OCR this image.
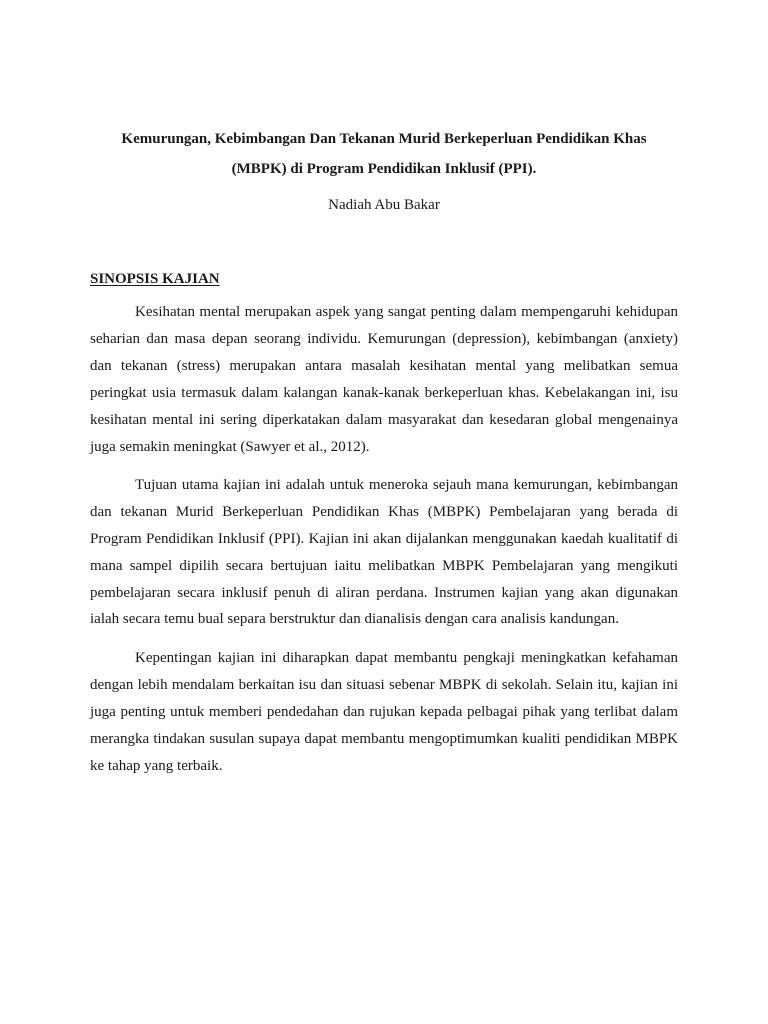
Kemurungan, Kebimbangan Dan Tekanan Murid Berkeperluan Pendidikan Khas
(MBPK) di Program Pendidikan Inklusif (PPI).

Nadiah Abu Bakar

SINOPSIS KAJIAN

Kesihatan mental merupakan aspek yang sangat penting dalam mempengaruhi kehidupan seharian dan masa depan seorang individu. Kemurungan (depression), kebimbangan (anxiety) dan tekanan (stress) merupakan antara masalah kesihatan mental yang melibatkan semua peringkat usia termasuk dalam kalangan kanak-kanak berkeperluan khas. Kebelakangan ini, isu kesihatan mental ini sering diperkatakan dalam masyarakat dan kesedaran global mengenainya juga semakin meningkat (Sawyer et al., 2012).

Tujuan utama kajian ini adalah untuk meneroka sejauh mana kemurungan, kebimbangan dan tekanan Murid Berkeperluan Pendidikan Khas (MBPK) Pembelajaran yang berada di Program Pendidikan Inklusif (PPI). Kajian ini akan dijalankan menggunakan kaedah kualitatif di mana sampel dipilih secara bertujuan iaitu melibatkan MBPK Pembelajaran yang mengikuti pembelajaran secara inklusif penuh di aliran perdana. Instrumen kajian yang akan digunakan ialah secara temu bual separa berstruktur dan dianalisis dengan cara analisis kandungan.

Kepentingan kajian ini diharapkan dapat membantu pengkaji meningkatkan kefahaman dengan lebih mendalam berkaitan isu dan situasi sebenar MBPK di sekolah. Selain itu, kajian ini juga penting untuk memberi pendedahan dan rujukan kepada pelbagai pihak yang terlibat dalam merangka tindakan susulan supaya dapat membantu mengoptimumkan kualiti pendidikan MBPK ke tahap yang terbaik.
